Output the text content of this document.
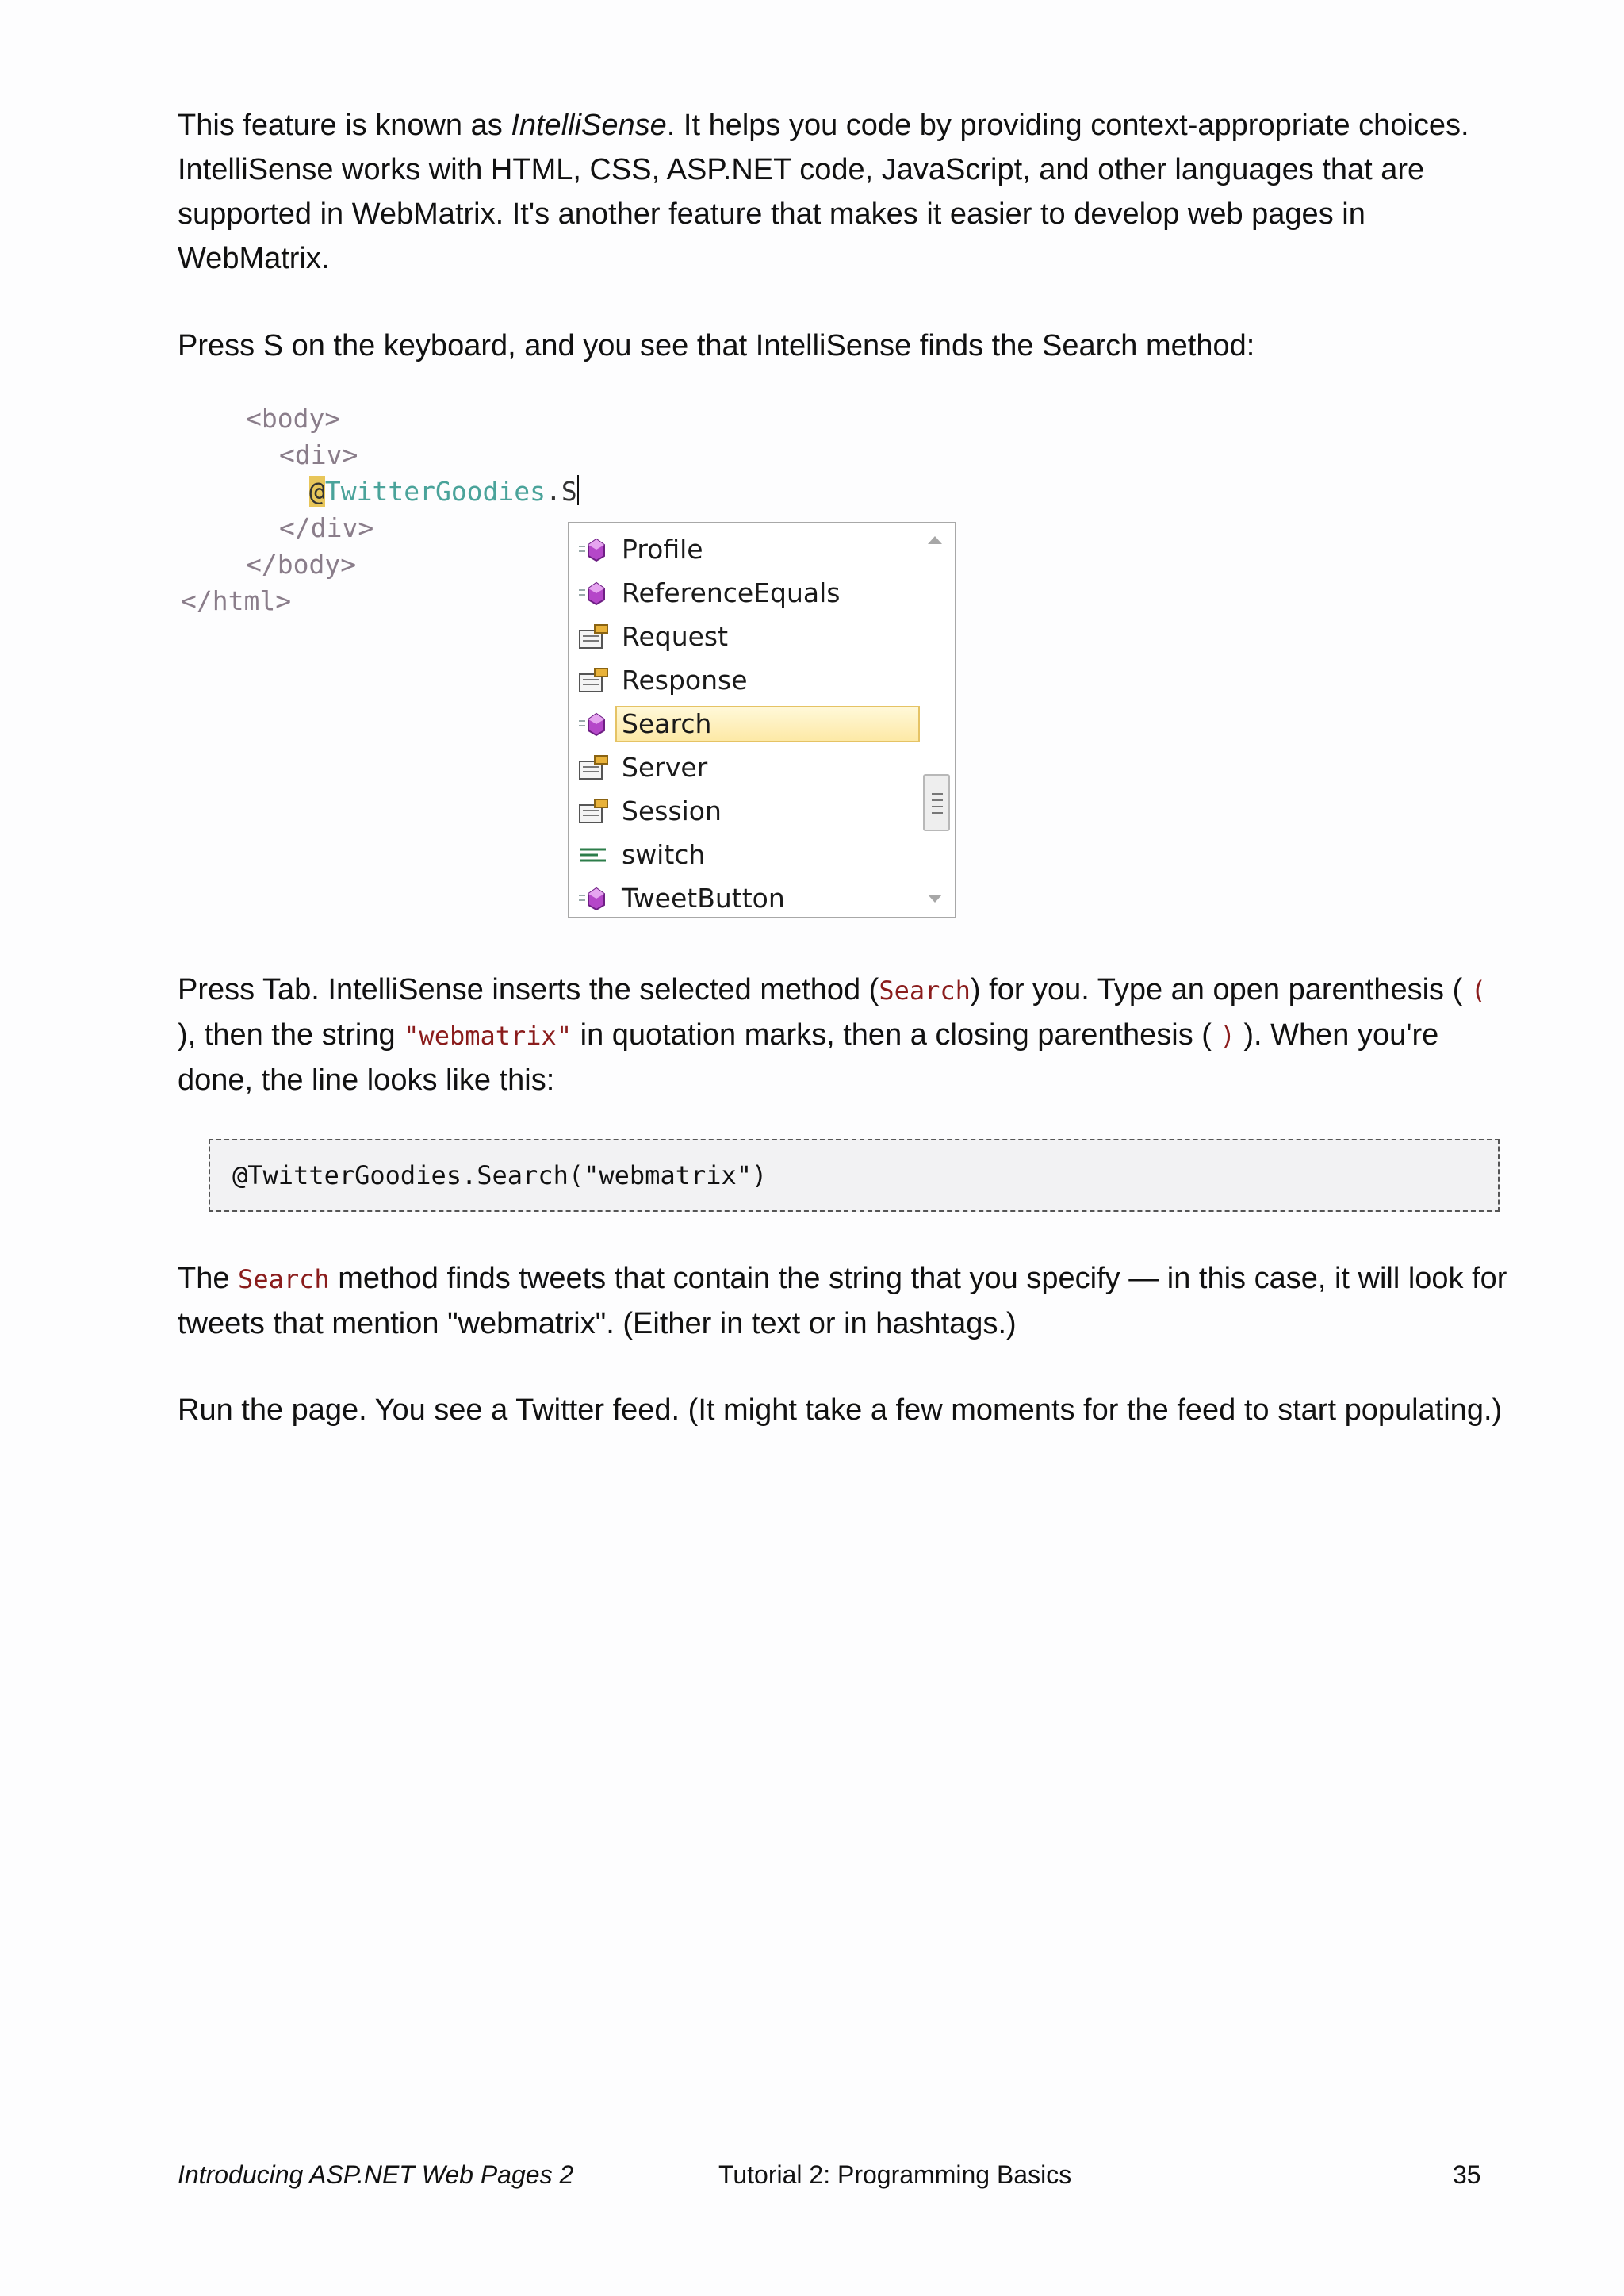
This feature is known as IntelliSense. It helps you code by providing context-appropriate choices. IntelliSense works with HTML, CSS, ASP.NET code, JavaScript, and other languages that are supported in WebMatrix. It's another feature that makes it easier to develop web pages in WebMatrix.

Press S on the keyboard, and you see that IntelliSense finds the Search method:

<body>
<div>
@TwitterGoodies.S
</div>
</body>
</html>
Profile
ReferenceEquals
Request
Response
Search
Server
Session
switch
TweetButton

Press Tab. IntelliSense inserts the selected method (Search) for you. Type an open parenthesis ( ( ), then the string "webmatrix" in quotation marks, then a closing parenthesis ( ) ). When you're done, the line looks like this:

@TwitterGoodies.Search("webmatrix")

The Search method finds tweets that contain the string that you specify — in this case, it will look for tweets that mention "webmatrix". (Either in text or in hashtags.)

Run the page. You see a Twitter feed. (It might take a few moments for the feed to start populating.)

Introducing ASP.NET Web Pages 2	Tutorial 2: Programming Basics	35
